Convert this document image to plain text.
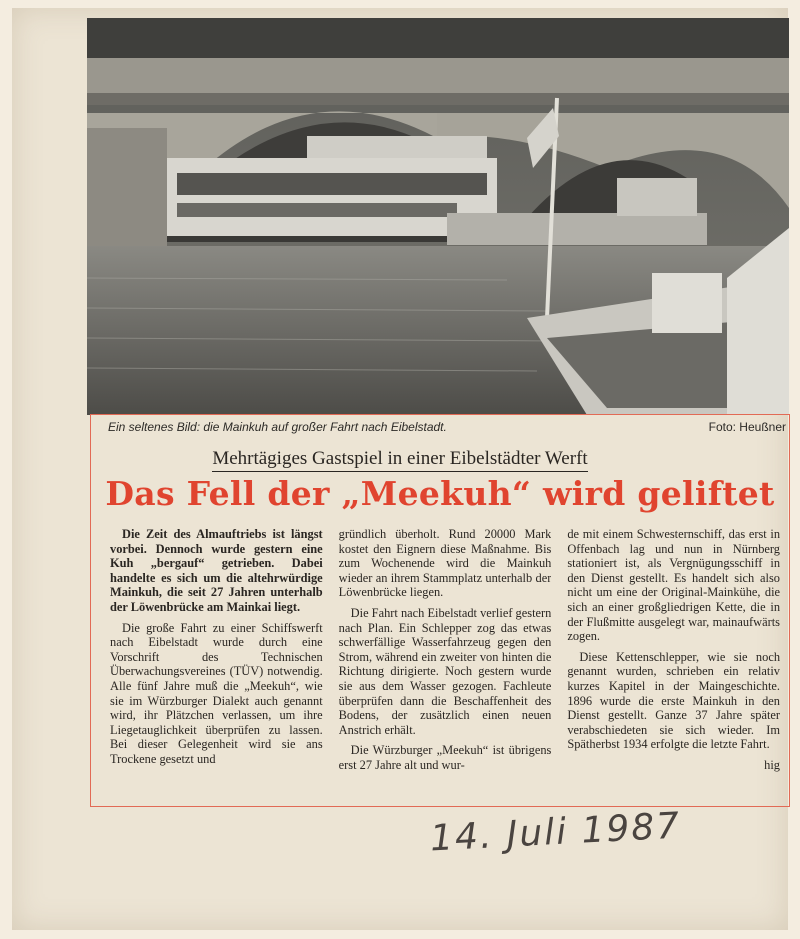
Ein seltenes Bild: die Mainkuh auf großer Fahrt nach Eibelstadt.	Foto: Heußner
Mehrtägiges Gastspiel in einer Eibelstädter Werft
Das Fell der „Meekuh“ wird geliftet

Die Zeit des Almauftriebs ist längst vorbei. Dennoch wurde gestern eine Kuh „bergauf“ getrieben. Dabei handelte es sich um die altehrwürdige Mainkuh, die seit 27 Jahren unterhalb der Löwenbrücke am Mainkai liegt.

Die große Fahrt zu einer Schiffswerft nach Eibelstadt wurde durch eine Vorschrift des Technischen Überwachungsvereines (TÜV) notwendig. Alle fünf Jahre muß die „Meekuh“, wie sie im Würzburger Dialekt auch genannt wird, ihr Plätzchen verlassen, um ihre Liegetauglichkeit überprüfen zu lassen. Bei dieser Gelegenheit wird sie ans Trockene gesetzt und

gründlich überholt. Rund 20000 Mark kostet den Eignern diese Maßnahme. Bis zum Wochenende wird die Mainkuh wieder an ihrem Stammplatz unterhalb der Löwenbrücke liegen.

Die Fahrt nach Eibelstadt verlief gestern nach Plan. Ein Schlepper zog das etwas schwerfällige Wasserfahrzeug gegen den Strom, während ein zweiter von hinten die Richtung dirigierte. Noch gestern wurde sie aus dem Wasser gezogen. Fachleute überprüfen dann die Beschaffenheit des Bodens, der zusätzlich einen neuen Anstrich erhält.

Die Würzburger „Meekuh“ ist übrigens erst 27 Jahre alt und wur-

de mit einem Schwesternschiff, das erst in Offenbach lag und nun in Nürnberg stationiert ist, als Vergnügungsschiff in den Dienst gestellt. Es handelt sich also nicht um eine der Original-Mainkühe, die sich an einer großgliedrigen Kette, die in der Flußmitte ausgelegt war, mainaufwärts zogen.

Diese Kettenschlepper, wie sie noch genannt wurden, schrieben ein relativ kurzes Kapitel in der Maingeschichte. 1896 wurde die erste Mainkuh in den Dienst gestellt. Ganze 37 Jahre später verabschiedeten sie sich wieder. Im Spätherbst 1934 erfolgte die letzte Fahrt.

hig
14. Juli 1987
